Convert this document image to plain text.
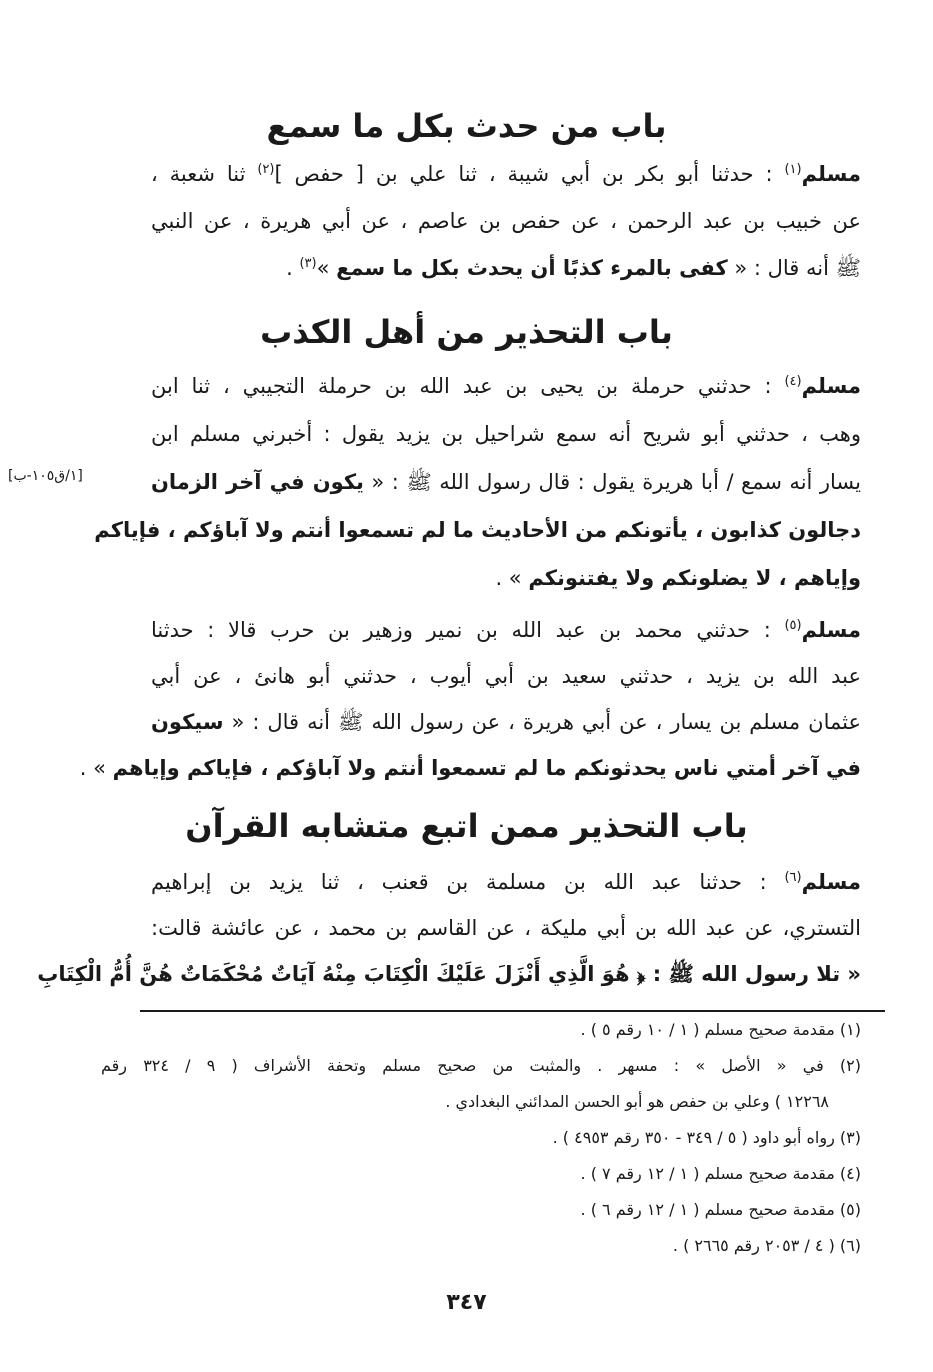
باب من حدث بكل ما سمع
مسلم$^{(١)}$ : حدثنا أبو بكر بن أبي شيبة ، ثنا علي بن [ حفص ]$^{(٢)}$ ثنا شعبة ،
عن خبيب بن عبد الرحمن ، عن حفص بن عاصم ، عن أبي هريرة ، عن النبي
ﷺ أنه قال : « كفى بالمرء كذبًا أن يحدث بكل ما سمع »$^{(٣)}$ .
باب التحذير من أهل الكذب
مسلم$^{(٤)}$ : حدثني حرملة بن يحيى بن عبد الله بن حرملة التجيبي ، ثنا ابن
وهب ، حدثني أبو شريح أنه سمع شراحيل بن يزيد يقول : أخبرني مسلم ابن
يسار أنه سمع / أبا هريرة يقول : قال رسول الله ﷺ : « يكون في آخر الزمان
دجالون كذابون ، يأتونكم من الأحاديث ما لم تسمعوا أنتم ولا آباؤكم ، فإياكم
وإياهم ، لا يضلونكم ولا يفتنونكم » .
[١/ق١٠٥-ب]
مسلم$^{(٥)}$ : حدثني محمد بن عبد الله بن نمير وزهير بن حرب قالا : حدثنا
عبد الله بن يزيد ، حدثني سعيد بن أبي أيوب ، حدثني أبو هانئ ، عن أبي
عثمان مسلم بن يسار ، عن أبي هريرة ، عن رسول الله ﷺ أنه قال : « سيكون
في آخر أمتي ناس يحدثونكم ما لم تسمعوا أنتم ولا آباؤكم ، فإياكم وإياهم » .
باب التحذير ممن اتبع متشابه القرآن
مسلم$^{(٦)}$ : حدثنا عبد الله بن مسلمة بن قعنب ، ثنا يزيد بن إبراهيم
التستري، عن عبد الله بن أبي مليكة ، عن القاسم بن محمد ، عن عائشة قالت:
« تلا رسول الله ﷺ : ﴿ هُوَ الَّذِي أَنْزَلَ عَلَيْكَ الْكِتَابَ مِنْهُ آيَاتٌ مُحْكَمَاتٌ هُنَّ أُمُّ الْكِتَابِ
(١) مقدمة صحيح مسلم ( ١ / ١٠ رقم ٥ ) .
(٢) في « الأصل » : مسهر . والمثبت من صحيح مسلم وتحفة الأشراف ( ٩ / ٣٢٤ رقم
١٢٢٦٨ ) وعلي بن حفص هو أبو الحسن المدائني البغدادي .
(٣) رواه أبو داود ( ٥ / ٣٤٩ - ٣٥٠ رقم ٤٩٥٣ ) .
(٤) مقدمة صحيح مسلم ( ١ / ١٢ رقم ٧ ) .
(٥) مقدمة صحيح مسلم ( ١ / ١٢ رقم ٦ ) .
(٦) ( ٤ / ٢٠٥٣ رقم ٢٦٦٥ ) .
٣٤٧
